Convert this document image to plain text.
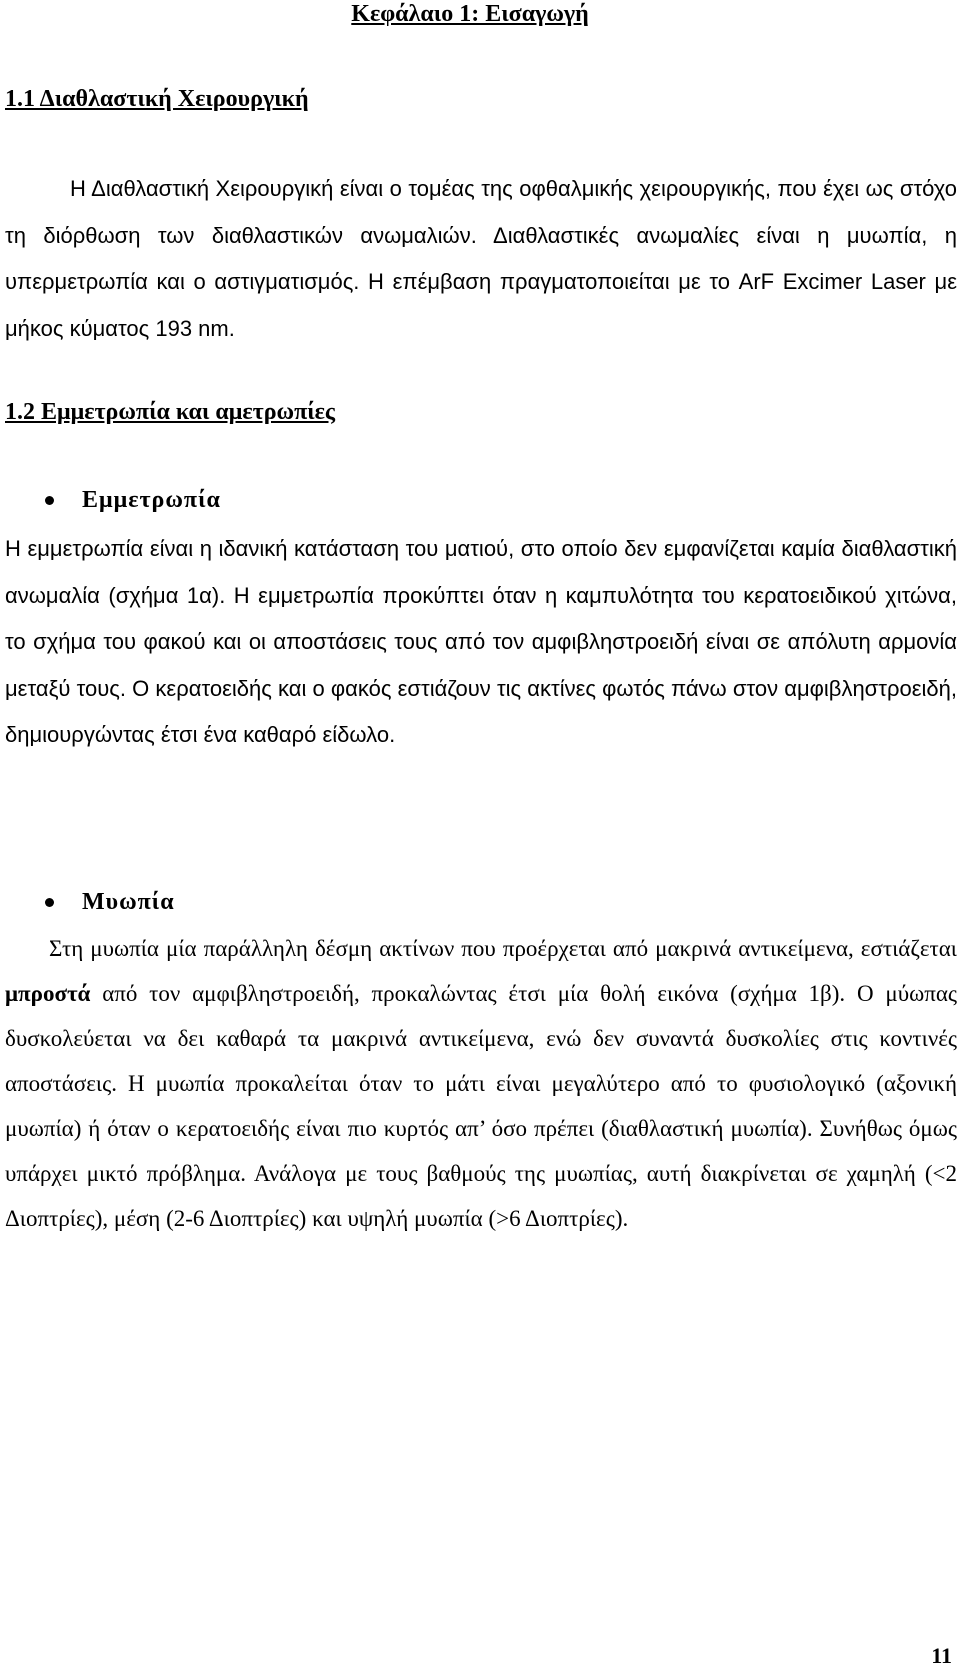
Κεφάλαιο 1: Εισαγωγή
1.1 Διαθλαστική Χειρουργική
Η Διαθλαστική Χειρουργική είναι ο τομέας της οφθαλμικής χειρουργικής, που έχει ως στόχο τη διόρθωση των διαθλαστικών ανωμαλιών. Διαθλαστικές ανωμαλίες είναι η μυωπία, η υπερμετρωπία και ο αστιγματισμός. Η επέμβαση πραγματοποιείται με το ArF Excimer Laser με μήκος κύματος 193 nm.
1.2 Εμμετρωπία και αμετρωπίες
Εμμετρωπία
Η εμμετρωπία είναι η ιδανική κατάσταση του ματιού, στο οποίο δεν εμφανίζεται καμία διαθλαστική ανωμαλία (σχήμα 1α). Η εμμετρωπία προκύπτει όταν η καμπυλότητα του κερατοειδικού χιτώνα, το σχήμα του φακού και οι αποστάσεις τους από τον αμφιβληστροειδή είναι σε απόλυτη αρμονία μεταξύ τους. Ο κερατοειδής και ο φακός εστιάζουν τις ακτίνες φωτός πάνω στον αμφιβληστροειδή, δημιουργώντας έτσι ένα καθαρό είδωλο.
Μυωπία
Στη μυωπία μία παράλληλη δέσμη ακτίνων που προέρχεται από μακρινά αντικείμενα, εστιάζεται μπροστά από τον αμφιβληστροειδή, προκαλώντας έτσι μία θολή εικόνα (σχήμα 1β). Ο μύωπας δυσκολεύεται να δει καθαρά τα μακρινά αντικείμενα, ενώ δεν συναντά δυσκολίες στις κοντινές αποστάσεις. Η μυωπία προκαλείται όταν το μάτι είναι μεγαλύτερο από το φυσιολογικό (αξονική μυωπία) ή όταν ο κερατοειδής είναι πιο κυρτός απ’ όσο πρέπει (διαθλαστική μυωπία). Συνήθως όμως υπάρχει μικτό πρόβλημα. Ανάλογα με τους βαθμούς της μυωπίας, αυτή διακρίνεται σε χαμηλή (<2 Διοπτρίες), μέση (2-6 Διοπτρίες) και υψηλή μυωπία (>6 Διοπτρίες).
11
